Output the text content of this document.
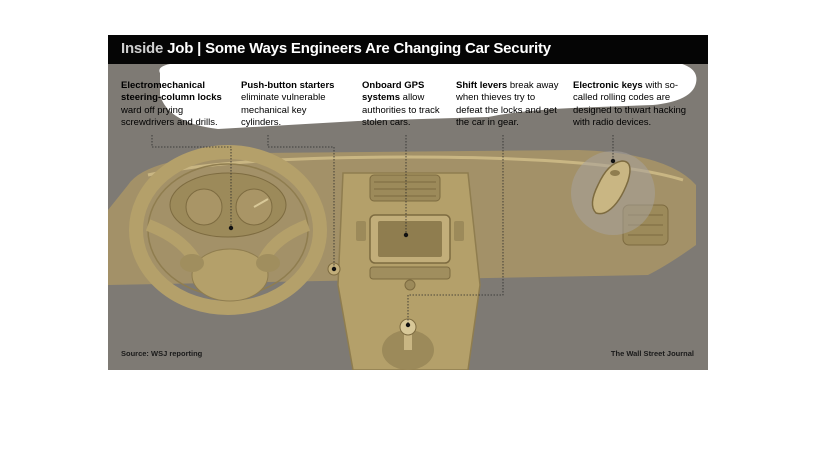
Inside Job | Some Ways Engineers Are Changing Car Security
Electromechanical steering-column locks ward off prying screwdrivers and drills.
Push-button starters eliminate vulnerable mechanical key cylinders.
Onboard GPS systems allow authorities to track stolen cars.
Shift levers break away when thieves try to defeat the locks and get the car in gear.
Electronic keys with so-called rolling codes are designed to thwart hacking with radio devices.
Source: WSJ reporting	The Wall Street Journal
